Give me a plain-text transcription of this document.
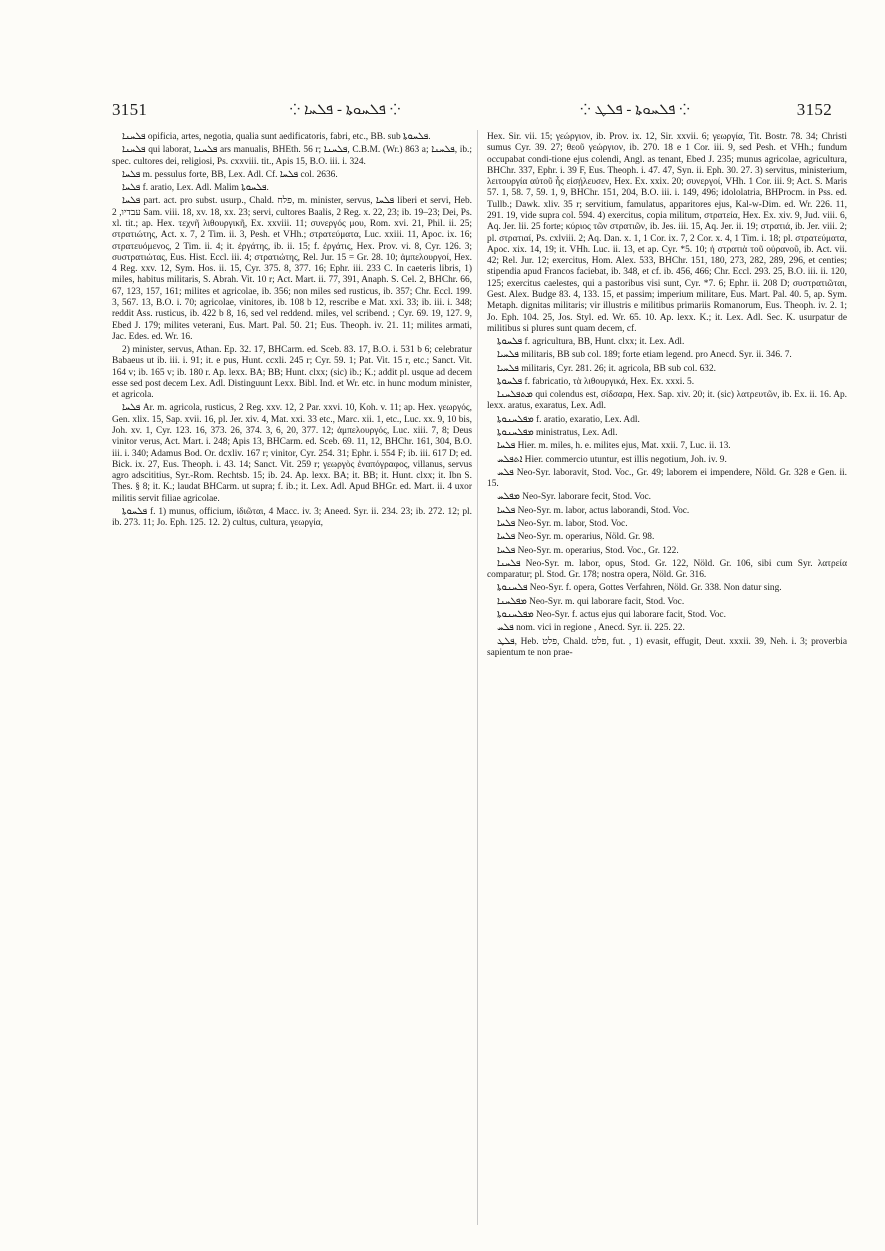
3151	⁘ ܦܠܚܘܬܐ - ܦܠܚܐ ⁘	⁘ ܦܠܚܘܬܐ - ܦܠܛ ⁘	3152

ܦܠܚܢܐ opificia, artes, negotia, qualia sunt aedificatoris, fabri, etc., BB. sub ܦܠܚܘܬܐ.

ܦܠܚܢܐ qui laborat, ܦܠܚܢܐ ars manualis, BHEth. 56 r; ܦܠܚܢܐ, C.B.M. (Wr.) 863 a; ܦܠܚܢܐ, ib.; spec. cultores dei, religiosi, Ps. cxxviii. tit., Apis 15, B.O. iii. i. 324.

ܦܠܚܐ m. pessulus forte, BB, Lex. Adl. Cf. ܦܠܚܐ col. 2636.

ܦܠܚܐ f. aratio, Lex. Adl. Malim ܦܠܚܘܬܐ.

ܦܠܚܐ part. act. pro subst. usurp., Chald. פלח, m. minister, servus, ܦܠܚܐ liberi et servi, Heb. עבדיו, 2 Sam. viii. 18, xv. 18, xx. 23; servi, cultores Baalis, 2 Reg. x. 22, 23; ib. 19–23; Dei, Ps. xl. tit.; ap. Hex. τεχνῆ λιθουργικῆ, Ex. xxviii. 11; συνεργός μου, Rom. xvi. 21, Phil. ii. 25; στρατιώτης, Act. x. 7, 2 Tim. ii. 3, Pesh. et VHh.; στρατεύματα, Luc. xxiii. 11, Apoc. ix. 16; στρατευόμενος, 2 Tim. ii. 4; it. ἐργάτης, ib. ii. 15; f. ἐργάτις, Hex. Prov. vi. 8, Cyr. 126. 3; συστρατιώτας, Eus. Hist. Eccl. iii. 4; στρατιώτης, Rel. Jur. 15 = Gr. 28. 10; ἀμπελουργοί, Hex. 4 Reg. xxv. 12, Sym. Hos. ii. 15, Cyr. 375. 8, 377. 16; Ephr. iii. 233 C. In caeteris libris, 1) miles, habitus militaris, S. Abrah. Vit. 10 r; Act. Mart. ii. 77, 391, Anaph. S. Cel. 2, BHChr. 66, 67, 123, 157, 161; milites et agricolae, ib. 356; non miles sed rusticus, ib. 357; Chr. Eccl. 199. 3, 567. 13, B.O. i. 70; agricolae, vinitores, ib. 108 b 12, rescribe e Mat. xxi. 33; ib. iii. i. 348; reddit Ass. rusticus, ib. 422 b 8, 16, sed vel reddend. miles, vel scribend. ; Cyr. 69. 19, 127. 9, Ebed J. 179; milites veterani, Eus. Mart. Pal. 50. 21; Eus. Theoph. iv. 21. 11; milites armati, Jac. Edes. ed. Wr. 16.

2) minister, servus, Athan. Ep. 32. 17, BHCarm. ed. Sceb. 83. 17, B.O. i. 531 b 6; celebratur Babaeus ut ib. iii. i. 91; it. e pus, Hunt. ccxli. 245 r; Cyr. 59. 1; Pat. Vit. 15 r, etc.; Sanct. Vit. 164 v; ib. 165 v; ib. 180 r. Ap. lexx. BA; BB; Hunt. clxx; (sic) ib.; K.; addit pl. usque ad decem esse sed post decem Lex. Adl. Distinguunt Lexx. Bibl. Ind. et Wr. etc. in hunc modum minister, et agricola.

ܦܠܚܐ Ar. m. agricola, rusticus, 2 Reg. xxv. 12, 2 Par. xxvi. 10, Koh. v. 11; ap. Hex. γεωργός, Gen. xlix. 15, Sap. xvii. 16, pl. Jer. xiv. 4, Mat. xxi. 33 etc., Marc. xii. 1, etc., Luc. xx. 9, 10 bis, Joh. xv. 1, Cyr. 123. 16, 373. 26, 374. 3, 6, 20, 377. 12; ἀμπελουργός, Luc. xiii. 7, 8; Deus vinitor verus, Act. Mart. i. 248; Apis 13, BHCarm. ed. Sceb. 69. 11, 12, BHChr. 161, 304, B.O. iii. i. 340; Adamus Bod. Or. dcxliv. 167 r; vinitor, Cyr. 254. 31; Ephr. i. 554 F; ib. iii. 617 D; ed. Bick. ix. 27, Eus. Theoph. i. 43. 14; Sanct. Vit. 259 r; γεωργὸς ἐναπόγραφος, villanus, servus agro adscititius, Syr.-Rom. Rechtsb. 15; ib. 24. Ap. lexx. BA; it. BB; it. Hunt. clxx; it. Ibn S. Thes. § 8; it. K.; laudat BHCarm. ut supra; f. ib.; it. Lex. Adl. Apud BHGr. ed. Mart. ii. 4 uxor militis servit filiae agricolae.

ܦܠܚܘܬܐ f. 1) munus, officium, ἰδιῶται, 4 Macc. iv. 3; Aneed. Syr. ii. 234. 23; ib. 272. 12; pl. ib. 273. 11; Jo. Eph. 125. 12. 2) cultus, cultura, γεωργία,

Hex. Sir. vii. 15; γεώργιον, ib. Prov. ix. 12, Sir. xxvii. 6; γεωργία, Tit. Bostr. 78. 34; Christi sumus Cyr. 39. 27; θεοῦ γεώργιον, ib. 270. 18 e 1 Cor. iii. 9, sed Pesh. et VHh.; fundum occupabat condi-tione ejus colendi, Angl. as tenant, Ebed J. 235; munus agricolae, agricultura, BHChr. 337, Ephr. i. 39 F, Eus. Theoph. i. 47. 47, Syn. ii. Eph. 30. 27. 3) servitus, ministerium, λειτουργία αὐτοῦ ἧς εἰσῄλευσεν, Hex. Ex. xxix. 20; συνεργοί, VHh. 1 Cor. iii. 9; Act. S. Maris 57. 1, 58. 7, 59. 1, 9, BHChr. 151, 204, B.O. iii. i. 149, 496; idololatria, BHProcm. in Pss. ed. Tullb.; Dawk. xliv. 35 r; servitium, famulatus, apparitores ejus, Kal-w-Dim. ed. Wr. 226. 11, 291. 19, vide supra col. 594. 4) exercitus, copia militum, στρατεία, Hex. Ex. xiv. 9, Jud. viii. 6, Aq. Jer. lii. 25 forte; κύριος τῶν στρατιῶν, ib. Jes. iii. 15, Aq. Jer. ii. 19; στρατιά, ib. Jer. viii. 2; pl. στρατιαί, Ps. cxlviii. 2; Aq. Dan. x. 1, 1 Cor. ix. 7, 2 Cor. x. 4, 1 Tim. i. 18; pl. στρατεύματα, Apoc. xix. 14, 19; it. VHh. Luc. ii. 13, et ap. Cyr. *5. 10; ἡ στρατιὰ τοῦ οὐρανοῦ, ib. Act. vii. 42; Rel. Jur. 12; exercitus, Hom. Alex. 533, BHChr. 151, 180, 273, 282, 289, 296, et centies; stipendia apud Francos faciebat, ib. 348, et cf. ib. 456, 466; Chr. Eccl. 293. 25, B.O. iii. ii. 120, 125; exercitus caelestes, qui a pastoribus visi sunt, Cyr. *7. 6; Ephr. ii. 208 D; συστρατιῶται, Gest. Alex. Budge 83. 4, 133. 15, et passim; imperium militare, Eus. Mart. Pal. 40. 5, ap. Sym. Metaph. dignitas militaris; vir illustris e militibus primariis Romanorum, Eus. Theoph. iv. 2. 1; Jo. Eph. 104. 25, Jos. Styl. ed. Wr. 65. 10. Ap. lexx. K.; it. Lex. Adl. Sec. K. usurpatur de militibus si plures sunt quam decem, cf.

ܦܠܚܘܬܐ f. agricultura, BB, Hunt. clxx; it. Lex. Adl.

ܦܠܚܝܐ militaris, BB sub col. 189; forte etiam legend. pro Anecd. Syr. ii. 346. 7.

ܦܠܚܝܐ militaris, Cyr. 281. 26; it. agricola, BB sub col. 632.

ܦܠܚܘܬܐ f. fabricatio, τὰ λιθουργικά, Hex. Ex. xxxi. 5.

ܡܬܦܠܚܢܐ qui colendus est, σίδσαρα, Hex. Sap. xiv. 20; it. (sic) λατρευτῶν, ib. Ex. ii. 16. Ap. lexx. aratus, exaratus, Lex. Adl.

ܡܦܠܚܢܘܬܐ f. aratio, exaratio, Lex. Adl.

ܡܦܠܚܢܘܬܐ ministratus, Lex. Adl.

ܦܠܚܐ Hier. m. miles, h. e. milites ejus, Mat. xxii. 7, Luc. ii. 13.

ܐܬܦܠܚ Hier. commercio utuntur, est illis negotium, Joh. iv. 9.

ܦܠܚ Neo-Syr. laboravit, Stod. Voc., Gr. 49; laborem ei impendere, Nöld. Gr. 328 e Gen. ii. 15.

ܡܦܠܚ Neo-Syr. laborare fecit, Stod. Voc.

ܦܠܚܐ Neo-Syr. m. labor, actus laborandi, Stod. Voc.

ܦܠܚܐ Neo-Syr. m. labor, Stod. Voc.

ܦܠܚܐ Neo-Syr. m. operarius, Nöld. Gr. 98.

ܦܠܚܐ Neo-Syr. m. operarius, Stod. Voc., Gr. 122.

ܦܠܚܢܐ Neo-Syr. m. labor, opus, Stod. Gr. 122, Nöld. Gr. 106, sibi cum Syr. λατρεία comparatur; pl. Stod. Gr. 178; nostra opera, Nöld. Gr. 316.

ܦܠܚܢܘܬܐ Neo-Syr. f. opera, Gottes Verfahren, Nöld. Gr. 338. Non datur sing.

ܡܦܠܚܢܐ Neo-Syr. m. qui laborare facit, Stod. Voc.

ܡܦܠܚܢܘܬܐ Neo-Syr. f. actus ejus qui laborare facit, Stod. Voc.

ܦܠܚ nom. vici in regione , Anecd. Syr. ii. 225. 22.

ܦܠܛ, Heb. פלט, Chald. פלט, fut. , 1) evasit, effugit, Deut. xxxii. 39, Neh. i. 3; proverbia sapientum te non prae-
